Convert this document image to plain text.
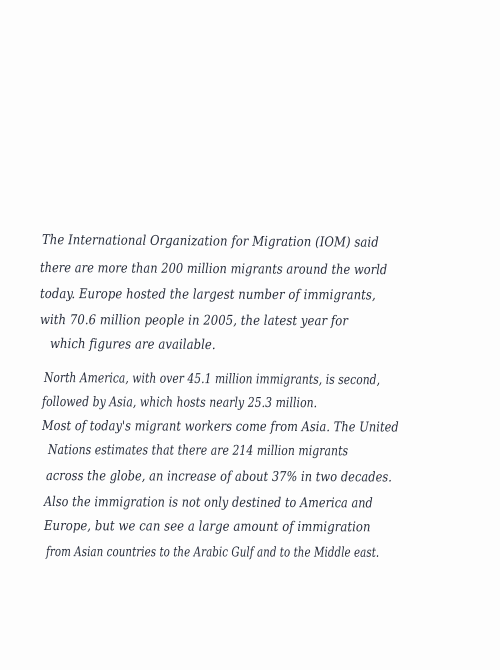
The International Organization for Migration (IOM) said
there are more than 200 million migrants around the world
today. Europe hosted the largest number of immigrants,
with 70.6 million people in 2005, the latest year for
which figures are available.
North America, with over 45.1 million immigrants, is second,
followed by Asia, which hosts nearly 25.3 million.
Most of today's migrant workers come from Asia. The United
Nations estimates that there are 214 million migrants
across the globe, an increase of about 37% in two decades.
Also the immigration is not only destined to America and
Europe, but we can see a large amount of immigration
from Asian countries to the Arabic Gulf and to the Middle east.
